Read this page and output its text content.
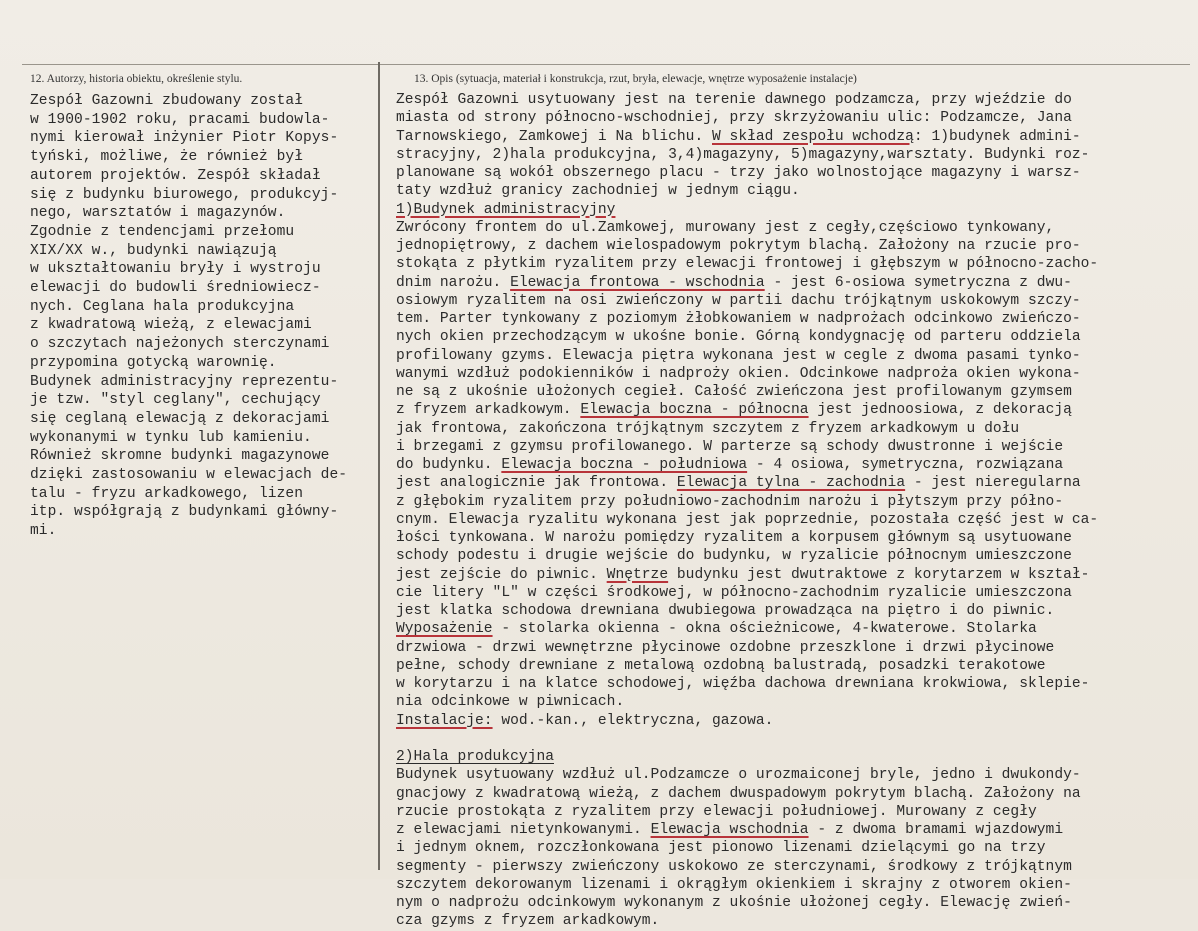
12. Autorzy, historia obiektu, określenie stylu.	13. Opis (sytuacja, materiał i konstrukcja, rzut, bryła, elewacje, wnętrze wyposażenie instalacje)
Zespół Gazowni zbudowany został
w 1900-1902 roku, pracami budowla-
nymi kierował inżynier Piotr Kopys-
tyński, możliwe, że również był
autorem projektów. Zespół składał
się z budynku biurowego, produkcyj-
nego, warsztatów i magazynów.
Zgodnie z tendencjami przełomu
XIX/XX w., budynki nawiązują
w ukształtowaniu bryły i wystroju
elewacji do budowli średniowiecz-
nych. Ceglana hala produkcyjna
z kwadratową wieżą, z elewacjami
o szczytach najeżonych sterczynami
przypomina gotycką warownię.
Budynek administracyjny reprezentu-
je tzw. "styl ceglany", cechujący
się ceglaną elewacją z dekoracjami
wykonanymi w tynku lub kamieniu.
Również skromne budynki magazynowe
dzięki zastosowaniu w elewacjach de-
talu - fryzu arkadkowego, lizen
itp. współgrają z budynkami główny-
mi.
Zespół Gazowni usytuowany jest na terenie dawnego podzamcza, przy wjeździe do
miasta od strony północno-wschodniej, przy skrzyżowaniu ulic: Podzamcze, Jana
Tarnowskiego, Zamkowej i Na blichu. W skład zespołu wchodzą: 1)budynek admini-
stracyjny, 2)hala produkcyjna, 3,4)magazyny, 5)magazyny,warsztaty. Budynki roz-
planowane są wokół obszernego placu - trzy jako wolnostojące magazyny i warsz-
taty wzdłuż granicy zachodniej w jednym ciągu.
1)Budynek administracyjny
Zwrócony frontem do ul.Zamkowej, murowany jest z cegły,częściowo tynkowany,
jednopiętrowy, z dachem wielospadowym pokrytym blachą. Założony na rzucie pro-
stokąta z płytkim ryzalitem przy elewacji frontowej i głębszym w północno-zacho-
dnim narożu. Elewacja frontowa - wschodnia - jest 6-osiowa symetryczna z dwu-
osiowym ryzalitem na osi zwieńczony w partii dachu trójkątnym uskokowym szczy-
tem. Parter tynkowany z poziomym żłobkowaniem w nadprożach odcinkowo zwieńczo-
nych okien przechodzącym w ukośne bonie. Górną kondygnację od parteru oddziela
profilowany gzyms. Elewacja piętra wykonana jest w cegle z dwoma pasami tynko-
wanymi wzdłuż podokienników i nadproży okien. Odcinkowe nadproża okien wykona-
ne są z ukośnie ułożonych cegieł. Całość zwieńczona jest profilowanym gzymsem
z fryzem arkadkowym. Elewacja boczna - północna jest jednoosiowa, z dekoracją
jak frontowa, zakończona trójkątnym szczytem z fryzem arkadkowym u dołu
i brzegami z gzymsu profilowanego. W parterze są schody dwustronne i wejście
do budynku. Elewacja boczna - południowa - 4 osiowa, symetryczna, rozwiązana
jest analogicznie jak frontowa. Elewacja tylna - zachodnia - jest nieregularna
z głębokim ryzalitem przy południowo-zachodnim narożu i płytszym przy półno-
cnym. Elewacja ryzalitu wykonana jest jak poprzednie, pozostała część jest w ca-
łości tynkowana. W narożu pomiędzy ryzalitem a korpusem głównym są usytuowane
schody podestu i drugie wejście do budynku, w ryzalicie północnym umieszczone
jest zejście do piwnic. Wnętrze budynku jest dwutraktowe z korytarzem w kształ-
cie litery "L" w części środkowej, w północno-zachodnim ryzalicie umieszczona
jest klatka schodowa drewniana dwubiegowa prowadząca na piętro i do piwnic.
Wyposażenie - stolarka okienna - okna ościeżnicowe, 4-kwaterowe. Stolarka
drzwiowa - drzwi wewnętrzne płycinowe ozdobne przeszklone i drzwi płycinowe
pełne, schody drewniane z metalową ozdobną balustradą, posadzki terakotowe
w korytarzu i na klatce schodowej, więźba dachowa drewniana krokwiowa, sklepie-
nia odcinkowe w piwnicach.
Instalacje: wod.-kan., elektryczna, gazowa.

2)Hala produkcyjna
Budynek usytuowany wzdłuż ul.Podzamcze o urozmaiconej bryle, jedno i dwukondy-
gnacjowy z kwadratową wieżą, z dachem dwuspadowym pokrytym blachą. Założony na
rzucie prostokąta z ryzalitem przy elewacji południowej. Murowany z cegły
z elewacjami nietynkowanymi. Elewacja wschodnia - z dwoma bramami wjazdowymi
i jednym oknem, rozczłonkowana jest pionowo lizenami dzielącymi go na trzy
segmenty - pierwszy zwieńczony uskokowo ze sterczynami, środkowy z trójkątnym
szczytem dekorowanym lizenami i okrągłym okienkiem i skrajny z otworem okien-
nym o nadprożu odcinkowym wykonanym z ukośnie ułożonej cegły. Elewację zwień-
cza gzyms z fryzem arkadkowym.
